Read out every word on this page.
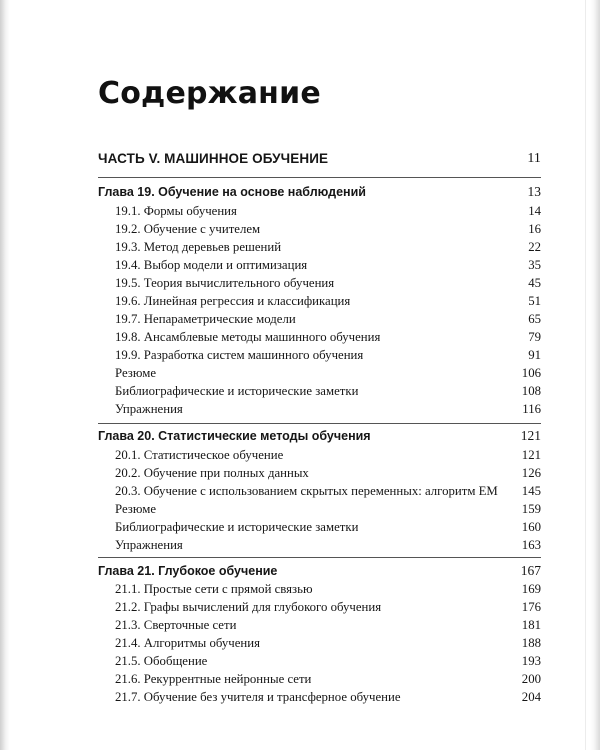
Содержание
ЧАСТЬ V. МАШИННОЕ ОБУЧЕНИЕ	11
Глава 19. Обучение на основе наблюдений	13
19.1. Формы обучения	14
19.2. Обучение с учителем	16
19.3. Метод деревьев решений	22
19.4. Выбор модели и оптимизация	35
19.5. Теория вычислительного обучения	45
19.6. Линейная регрессия и классификация	51
19.7. Непараметрические модели	65
19.8. Ансамблевые методы машинного обучения	79
19.9. Разработка систем машинного обучения	91
Резюме	106
Библиографические и исторические заметки	108
Упражнения	116
Глава 20. Статистические методы обучения	121
20.1. Статистическое обучение	121
20.2. Обучение при полных данных	126
20.3. Обучение с использованием скрытых переменных: алгоритм ЕМ 145
Резюме	159
Библиографические и исторические заметки	160
Упражнения	163
Глава 21. Глубокое обучение	167
21.1. Простые сети с прямой связью	169
21.2. Графы вычислений для глубокого обучения	176
21.3. Сверточные сети	181
21.4. Алгоритмы обучения	188
21.5. Обобщение	193
21.6. Рекуррентные нейронные сети	200
21.7. Обучение без учителя и трансферное обучение	204
